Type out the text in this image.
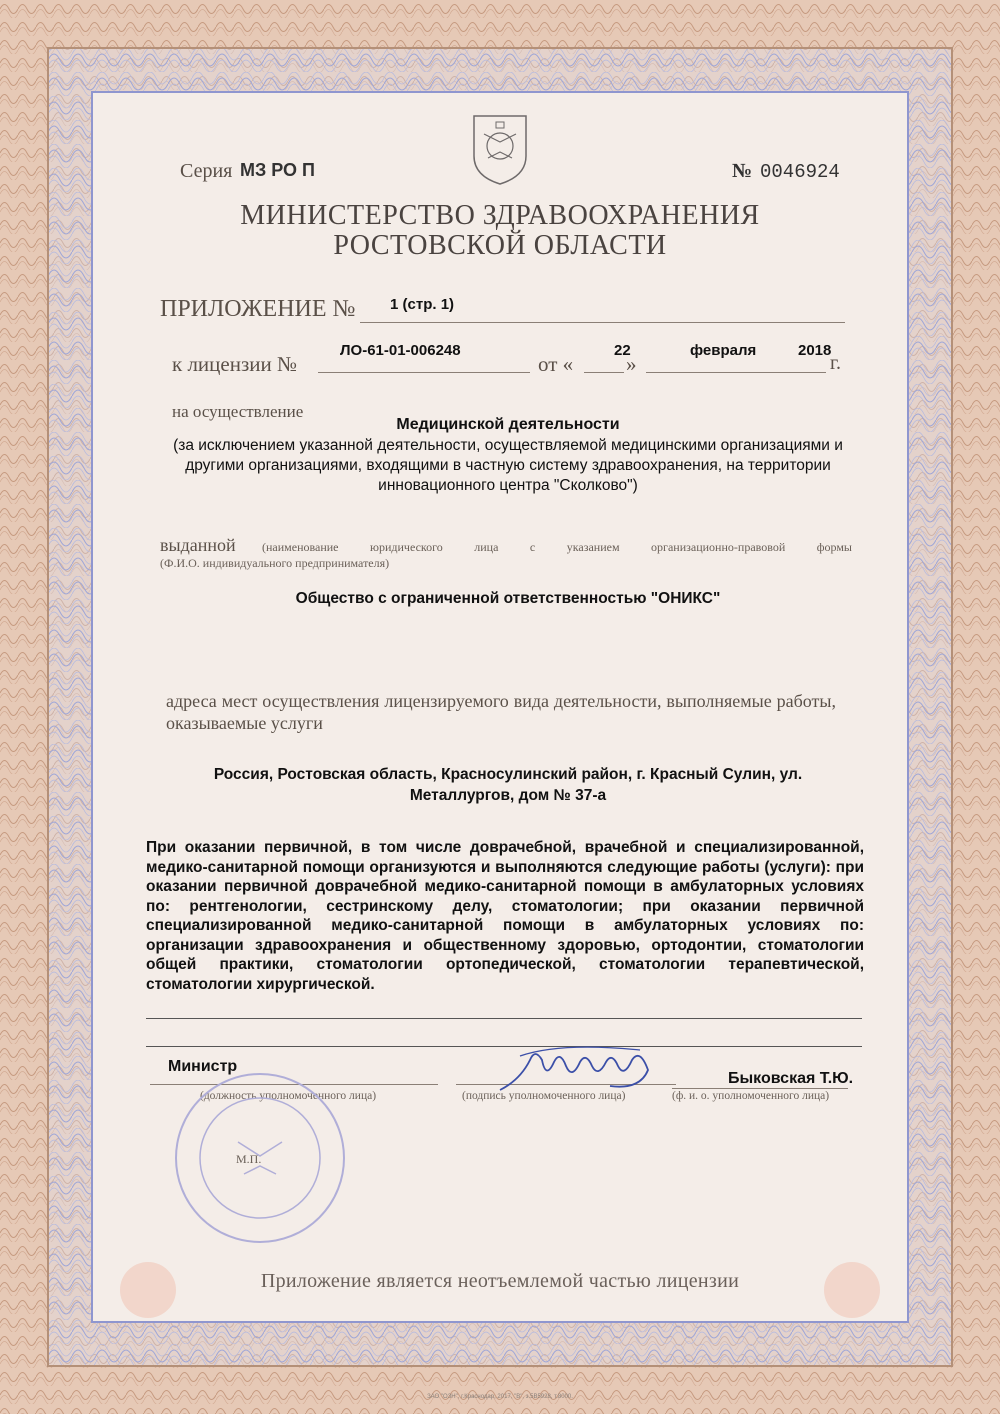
Серия МЗ РО П	№ 0046924
МИНИСТЕРСТВО ЗДРАВООХРАНЕНИЯ
РОСТОВСКОЙ ОБЛАСТИ
ПРИЛОЖЕНИЕ № 1 (стр. 1)
к лицензии №
ЛО-61-01-006248
от «
22
»
февраля	2018
г.
на осуществление
Медицинской деятельности
(за исключением указанной деятельности, осуществляемой медицинскими организациями и другими организациями, входящими в частную систему здравоохранения, на территории инновационного центра "Сколково")
выданной (наименование юридического лица с указанием организационно-правовой формы
(Ф.И.О. индивидуального предпринимателя)
Общество с ограниченной ответственностью "ОНИКС"
адреса мест осуществления лицензируемого вида деятельности, выполняемые работы, оказываемые услуги
Россия, Ростовская область, Красносулинский район, г. Красный Сулин, ул. Металлургов, дом № 37-а
При оказании первичной, в том числе доврачебной, врачебной и специализированной, медико-санитарной помощи организуются и выполняются следующие работы (услуги): при оказании первичной доврачебной медико-санитарной помощи в амбулаторных условиях по: рентгенологии, сестринскому делу, стоматологии; при оказании первичной специализированной медико-санитарной помощи в амбулаторных условиях по: организации здравоохранения и общественному здоровью, ортодонтии, стоматологии общей практики, стоматологии ортопедической, стоматологии терапевтической, стоматологии хирургической.
Министр
(должность уполномоченного лица)	(подпись уполномоченного лица)
Быковская Т.Ю.
(ф. и. о. уполномоченного лица)
М.П.
Приложение является неотъемлемой частью лицензии
ЗАО "ОЗН", г.Краснодар, 2017, "В", з.5В5928, т.8000.
